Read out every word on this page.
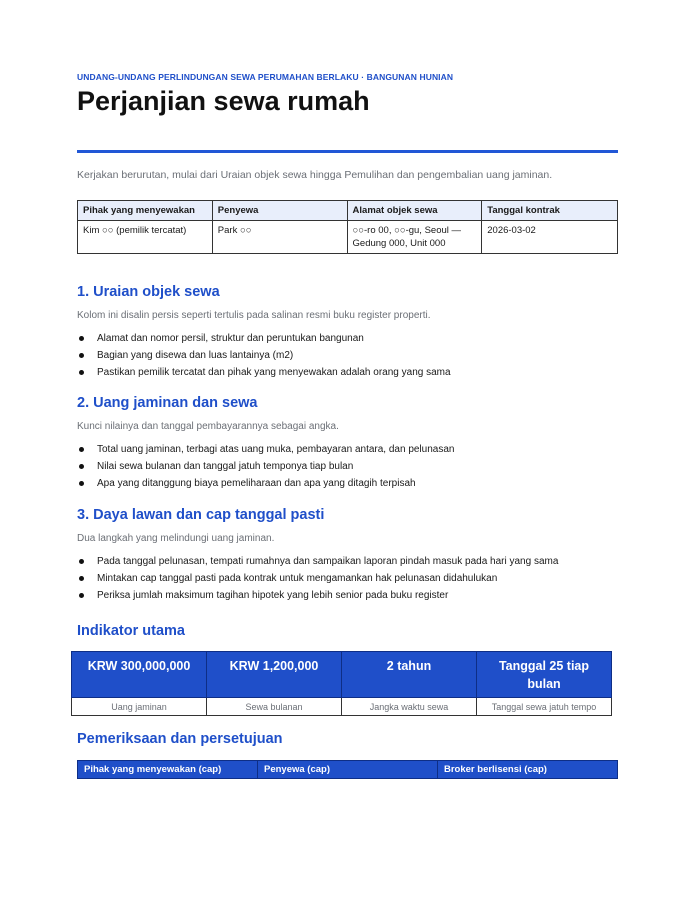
UNDANG-UNDANG PERLINDUNGAN SEWA PERUMAHAN BERLAKU · BANGUNAN HUNIAN
Perjanjian sewa rumah
Kerjakan berurutan, mulai dari Uraian objek sewa hingga Pemulihan dan pengembalian uang jaminan.
Pihak yang menyewakan	Penyewa	Alamat objek sewa	Tanggal kontrak
Kim ○○ (pemilik tercatat)	Park ○○	○○-ro 00, ○○-gu, Seoul — Gedung 000, Unit 000	2026-03-02
1. Uraian objek sewa

Kolom ini disalin persis seperti tertulis pada salinan resmi buku register properti.

Alamat dan nomor persil, struktur dan peruntukan bangunan
Bagian yang disewa dan luas lantainya (m2)
Pastikan pemilik tercatat dan pihak yang menyewakan adalah orang yang sama
2. Uang jaminan dan sewa

Kunci nilainya dan tanggal pembayarannya sebagai angka.

Total uang jaminan, terbagi atas uang muka, pembayaran antara, dan pelunasan
Nilai sewa bulanan dan tanggal jatuh temponya tiap bulan
Apa yang ditanggung biaya pemeliharaan dan apa yang ditagih terpisah
3. Daya lawan dan cap tanggal pasti

Dua langkah yang melindungi uang jaminan.

Pada tanggal pelunasan, tempati rumahnya dan sampaikan laporan pindah masuk pada hari yang sama
Mintakan cap tanggal pasti pada kontrak untuk mengamankan hak pelunasan didahulukan
Periksa jumlah maksimum tagihan hipotek yang lebih senior pada buku register
Indikator utama
KRW 300,000,000	KRW 1,200,000	2 tahun	Tanggal 25 tiap bulan
Uang jaminan	Sewa bulanan	Jangka waktu sewa	Tanggal sewa jatuh tempo
Pemeriksaan dan persetujuan
Pihak yang menyewakan (cap)	Penyewa (cap)	Broker berlisensi (cap)
